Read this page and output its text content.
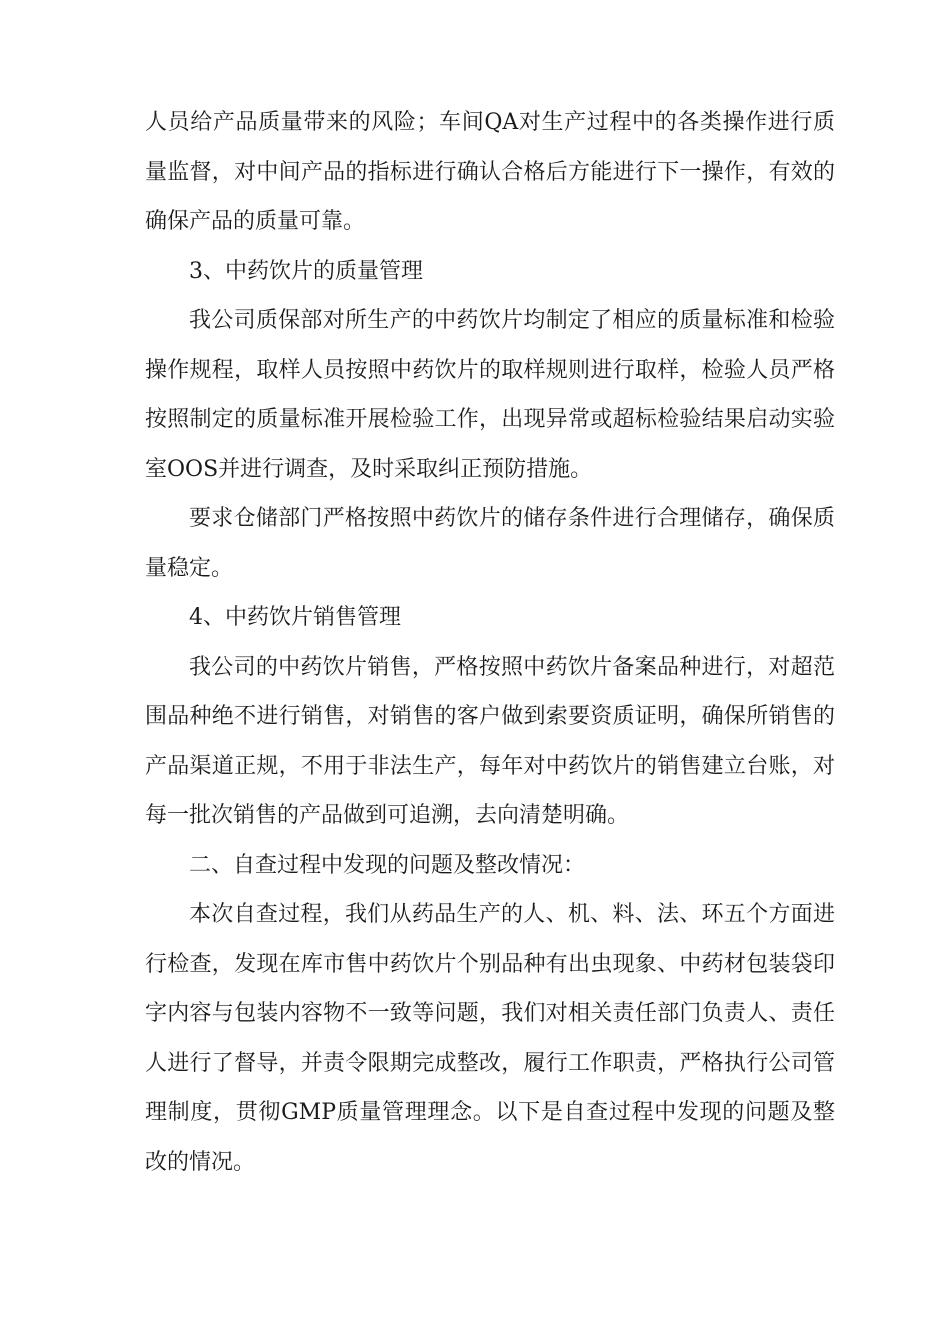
人员给产品质量带来的风险；车间QA对生产过程中的各类操作进行质量监督，对中间产品的指标进行确认合格后方能进行下一操作，有效的确保产品的质量可靠。

3、中药饮片的质量管理

我公司质保部对所生产的中药饮片均制定了相应的质量标准和检验操作规程，取样人员按照中药饮片的取样规则进行取样，检验人员严格按照制定的质量标准开展检验工作，出现异常或超标检验结果启动实验室OOS并进行调查，及时采取纠正预防措施。

要求仓储部门严格按照中药饮片的储存条件进行合理储存，确保质量稳定。

4、中药饮片销售管理

我公司的中药饮片销售，严格按照中药饮片备案品种进行，对超范围品种绝不进行销售，对销售的客户做到索要资质证明，确保所销售的产品渠道正规，不用于非法生产，每年对中药饮片的销售建立台账，对每一批次销售的产品做到可追溯，去向清楚明确。

二、自查过程中发现的问题及整改情况：

本次自查过程，我们从药品生产的人、机、料、法、环五个方面进行检查，发现在库市售中药饮片个别品种有出虫现象、中药材包装袋印字内容与包装内容物不一致等问题，我们对相关责任部门负责人、责任人进行了督导，并责令限期完成整改，履行工作职责，严格执行公司管理制度，贯彻GMP质量管理理念。以下是自查过程中发现的问题及整改的情况。
